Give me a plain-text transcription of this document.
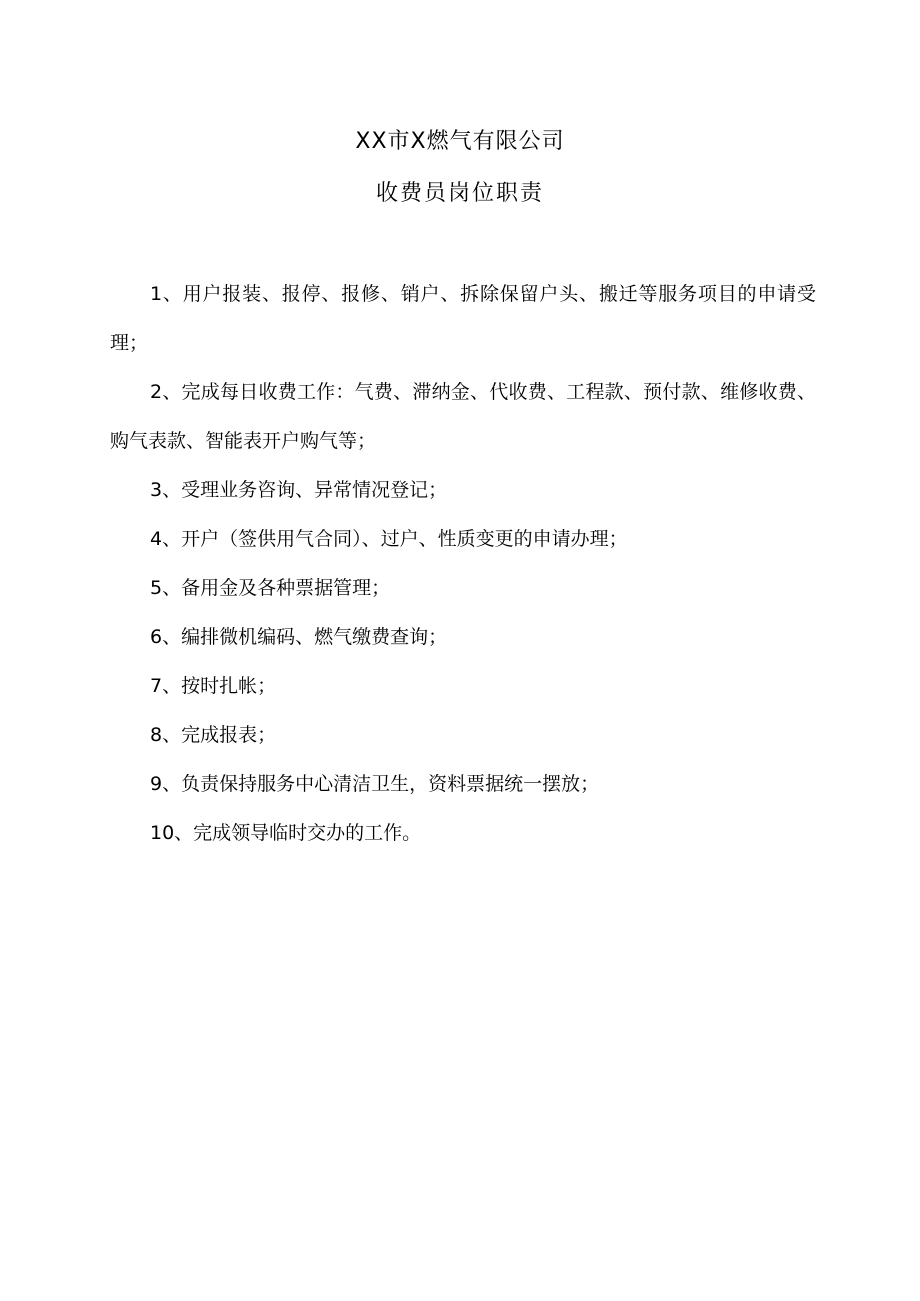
XX市X燃气有限公司
收费员岗位职责
1、用户报装、报停、报修、销户、拆除保留户头、搬迁等服务项目的申请受理；
2、完成每日收费工作：气费、滞纳金、代收费、工程款、预付款、维修收费、购气表款、智能表开户购气等；
3、受理业务咨询、异常情况登记；
4、开户（签供用气合同）、过户、性质变更的申请办理；
5、备用金及各种票据管理；
6、编排微机编码、燃气缴费查询；
7、按时扎帐；
8、完成报表；
9、负责保持服务中心清洁卫生，资料票据统一摆放；
10、完成领导临时交办的工作。
